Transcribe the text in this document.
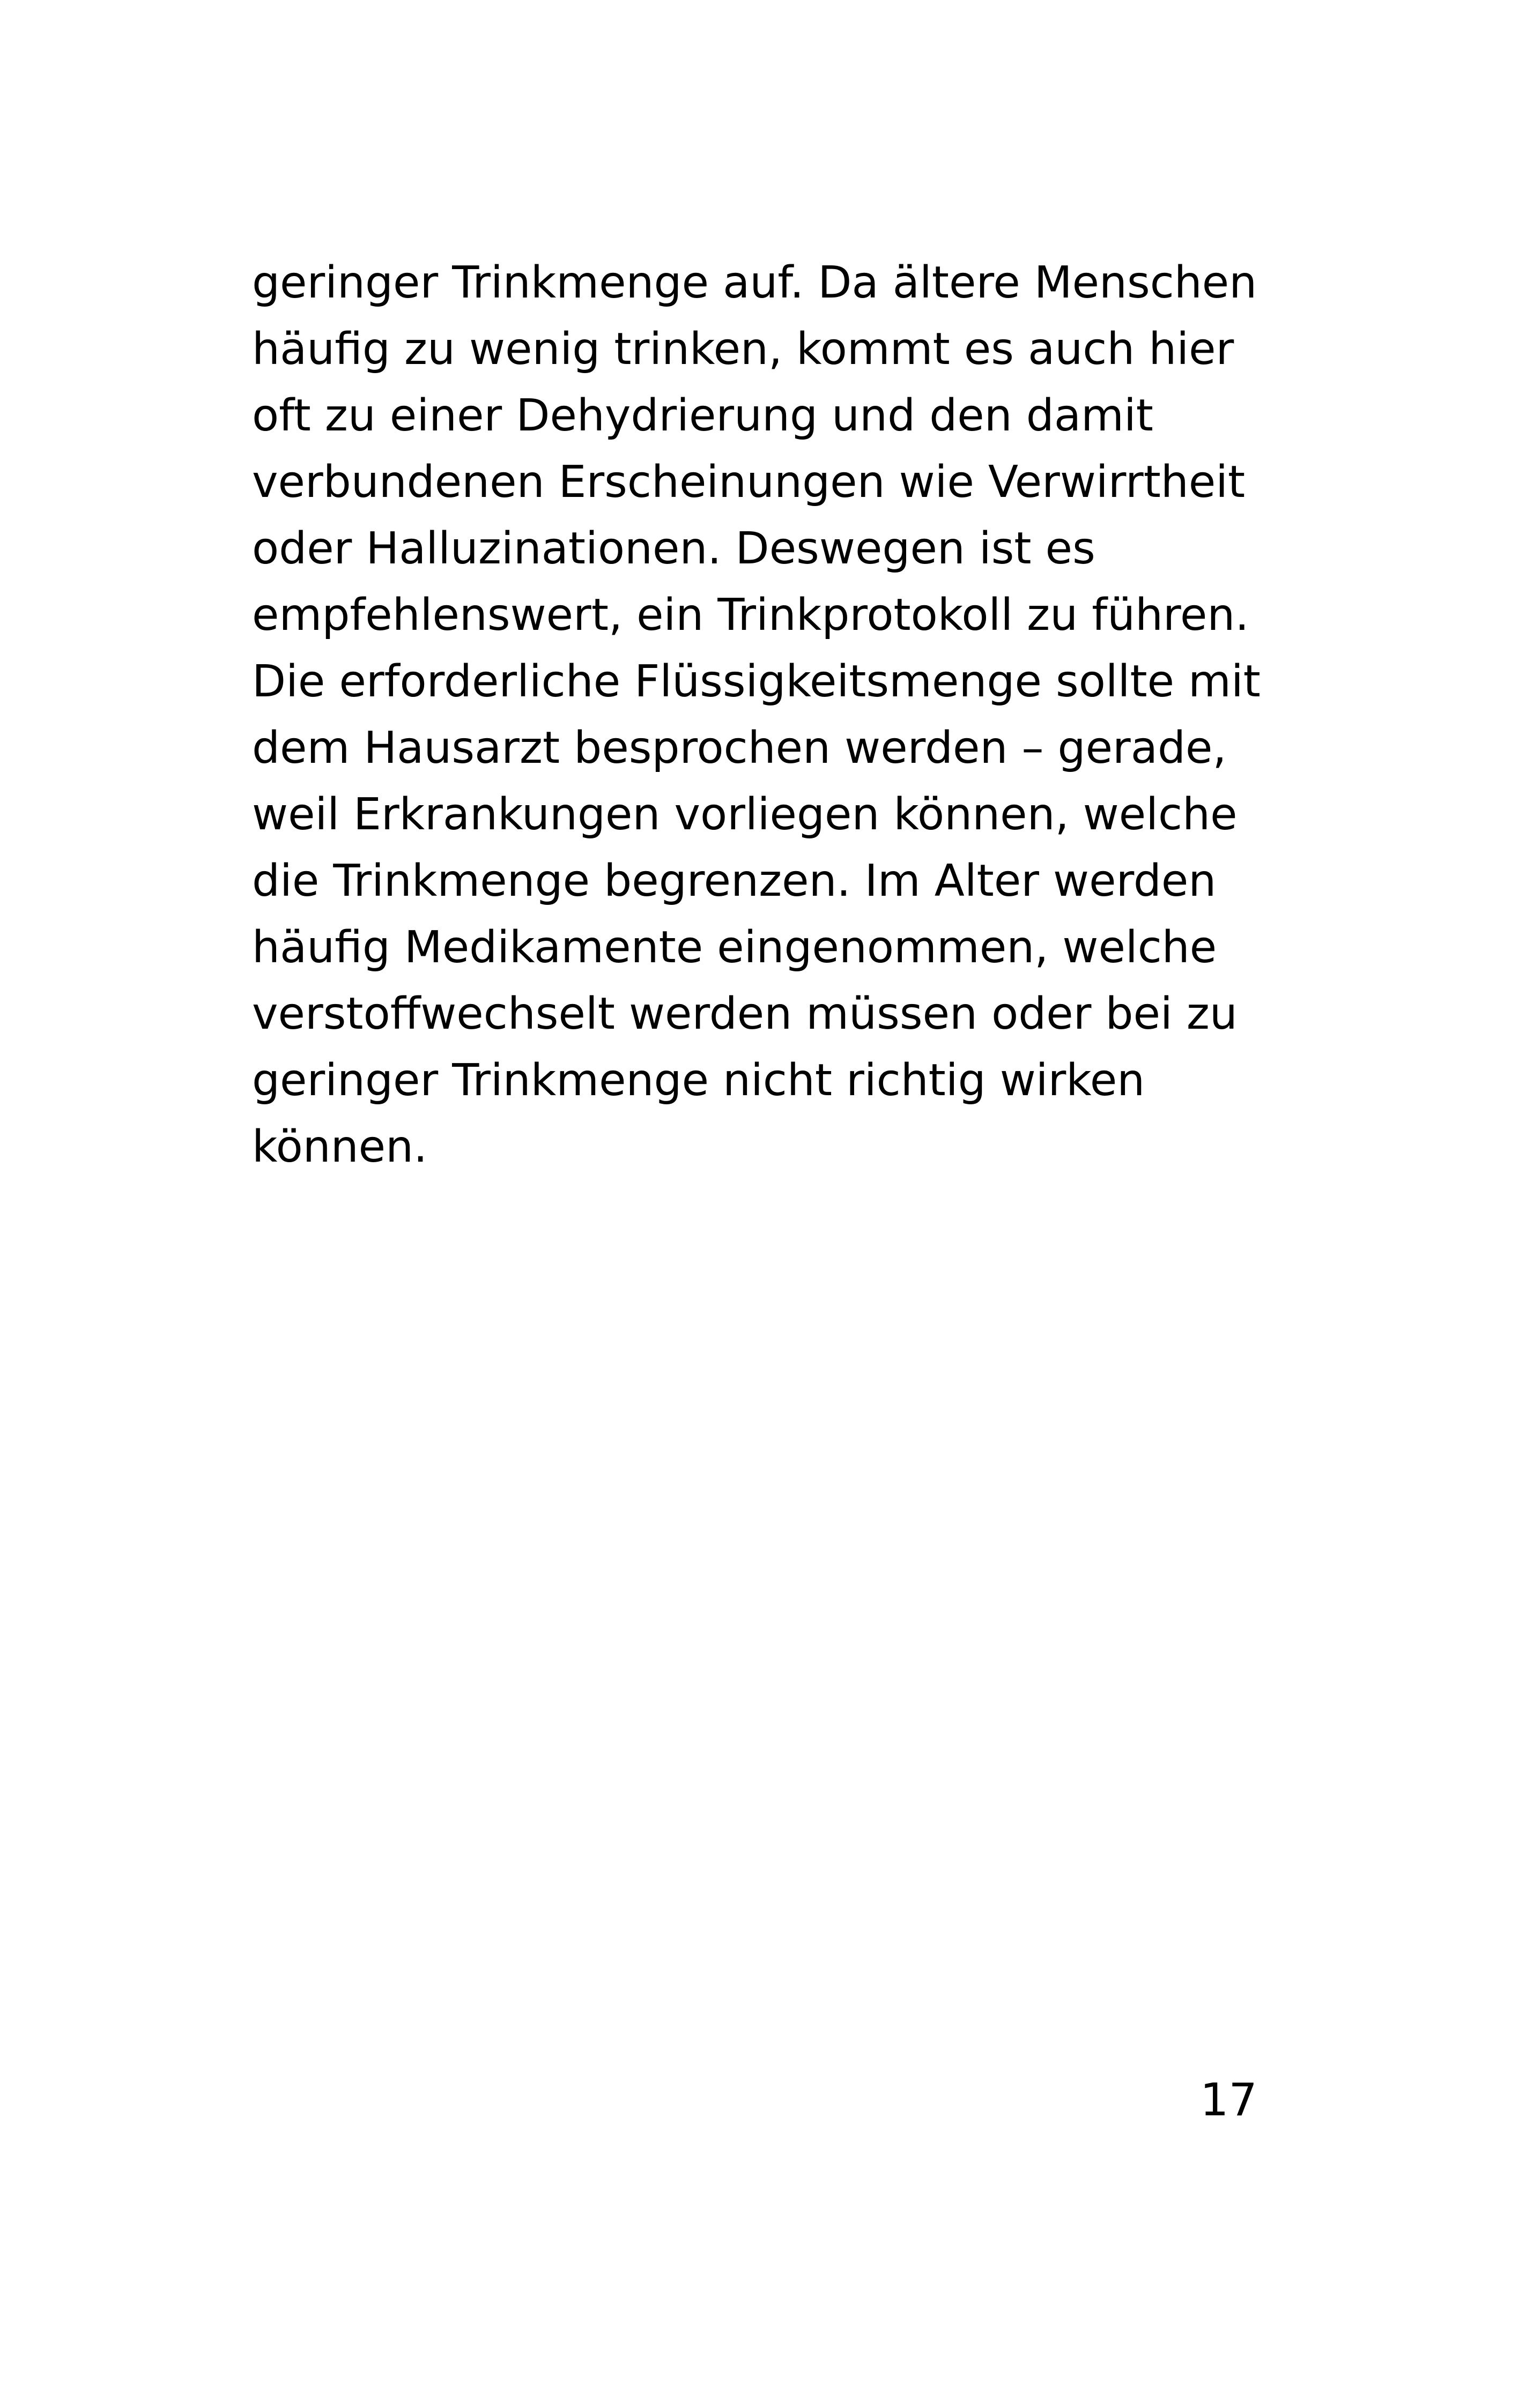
geringer Trinkmenge auf. Da ältere Menschen
häufig zu wenig trinken, kommt es auch hier
oft zu einer Dehydrierung und den damit
verbundenen Erscheinungen wie Verwirrtheit
oder Halluzinationen. Deswegen ist es
empfehlenswert, ein Trinkprotokoll zu führen.
Die erforderliche Flüssigkeitsmenge sollte mit
dem Hausarzt besprochen werden – gerade,
weil Erkrankungen vorliegen können, welche
die Trinkmenge begrenzen. Im Alter werden
häufig Medikamente eingenommen, welche
verstoffwechselt werden müssen oder bei zu
geringer Trinkmenge nicht richtig wirken
können.

17
